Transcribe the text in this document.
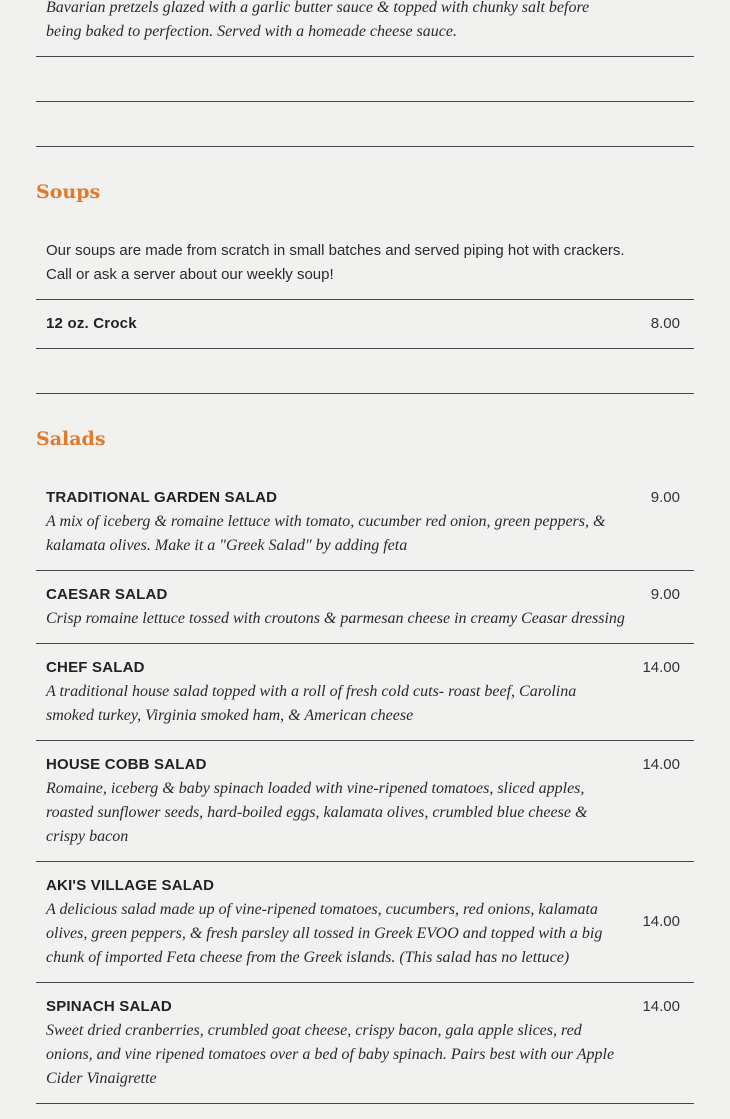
Bavarian pretzels glazed with a garlic butter sauce & topped with chunky salt before being baked to perfection. Served with a homeade cheese sauce.
Soups
Our soups are made from scratch in small batches and served piping hot with crackers.
Call or ask a server about our weekly soup!
12 oz. Crock	8.00
Salads
TRADITIONAL GARDEN SALAD
A mix of iceberg & romaine lettuce with tomato, cucumber red onion, green peppers, & kalamata olives. Make it a "Greek Salad" by adding feta
9.00
CAESAR SALAD
Crisp romaine lettuce tossed with croutons & parmesan cheese in creamy Ceasar dressing
9.00
CHEF SALAD
A traditional house salad topped with a roll of fresh cold cuts- roast beef, Carolina smoked turkey, Virginia smoked ham, & American cheese
14.00
HOUSE COBB SALAD
Romaine, iceberg & baby spinach loaded with vine-ripened tomatoes, sliced apples, roasted sunflower seeds, hard-boiled eggs, kalamata olives, crumbled blue cheese & crispy bacon
14.00
AKI'S VILLAGE SALAD
A delicious salad made up of vine-ripened tomatoes, cucumbers, red onions, kalamata olives, green peppers, & fresh parsley all tossed in Greek EVOO and topped with a big chunk of imported Feta cheese from the Greek islands. (This salad has no lettuce)
14.00
SPINACH SALAD
Sweet dried cranberries, crumbled goat cheese, crispy bacon, gala apple slices, red onions, and vine ripened tomatoes over a bed of baby spinach. Pairs best with our Apple Cider Vinaigrette
14.00
